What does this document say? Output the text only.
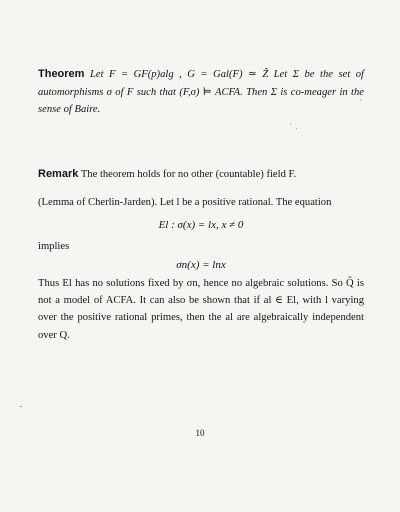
Theorem Let F = GF(p)alg , G = Gal(F) ≃ Ẑ Let Σ be the set of automorphisms σ of F such that (F,σ) ⊨ ACFA. Then Σ is co-meager in the sense of Baire.
Remark The theorem holds for no other (countable) field F.
(Lemma of Cherlin-Jarden). Let l be a positive rational. The equation
El : σ(x) = lx, x ≠ 0
implies
σn(x) = lnx
Thus El has no solutions fixed by σn, hence no algebraic solutions. So Q̂ is not a model of ACFA. It can also be shown that if al ∈ El, with l varying over the positive rational primes, then the al are algebraically independent over Q.
10
